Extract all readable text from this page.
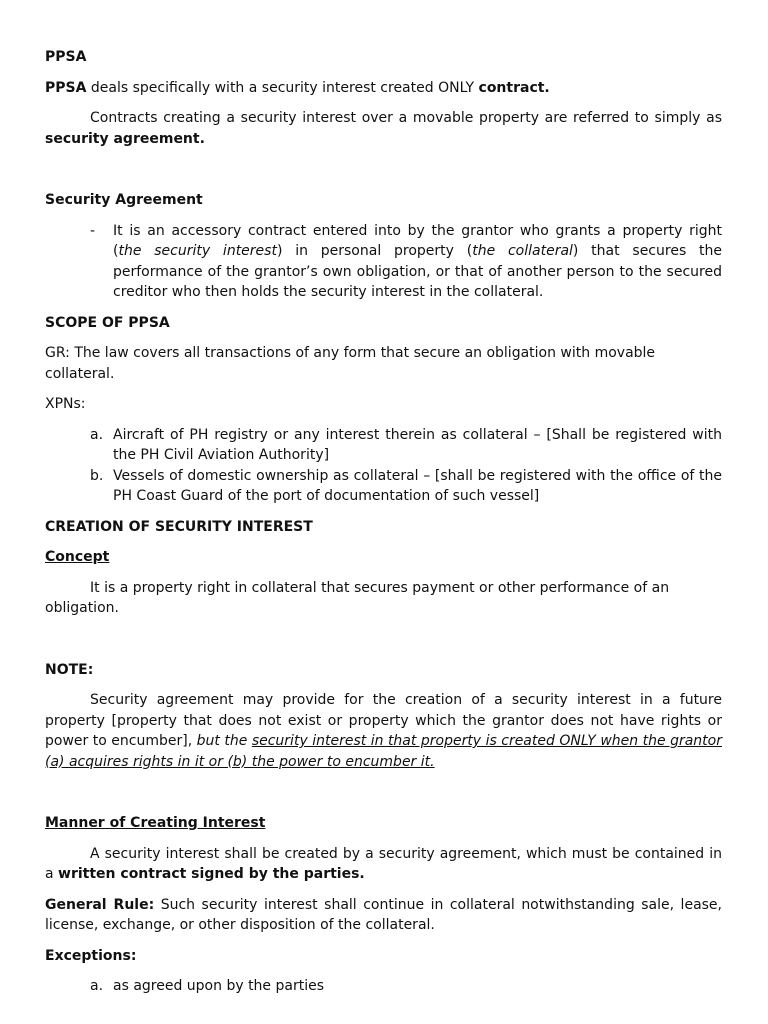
PPSA

PPSA deals specifically with a security interest created ONLY contract.

Contracts creating a security interest over a movable property are referred to simply as security agreement.

Security Agreement

-	It is an accessory contract entered into by the grantor who grants a property right (the security interest) in personal property (the collateral) that secures the performance of the grantor’s own obligation, or that of another person to the secured creditor who then holds the security interest in the collateral.

SCOPE OF PPSA

GR: The law covers all transactions of any form that secure an obligation with movable collateral.

XPNs:

a. Aircraft of PH registry or any interest therein as collateral – [Shall be registered with the PH Civil Aviation Authority]
b. Vessels of domestic ownership as collateral – [shall be registered with the office of the PH Coast Guard of the port of documentation of such vessel]

CREATION OF SECURITY INTEREST

Concept

It is a property right in collateral that secures payment or other performance of an obligation.

NOTE:

Security agreement may provide for the creation of a security interest in a future property [property that does not exist or property which the grantor does not have rights or power to encumber], but the security interest in that property is created ONLY when the grantor (a) acquires rights in it or (b) the power to encumber it.

Manner of Creating Interest

A security interest shall be created by a security agreement, which must be contained in a written contract signed by the parties.

General Rule: Such security interest shall continue in collateral notwithstanding sale, lease, license, exchange, or other disposition of the collateral.

Exceptions:

a. as agreed upon by the parties
